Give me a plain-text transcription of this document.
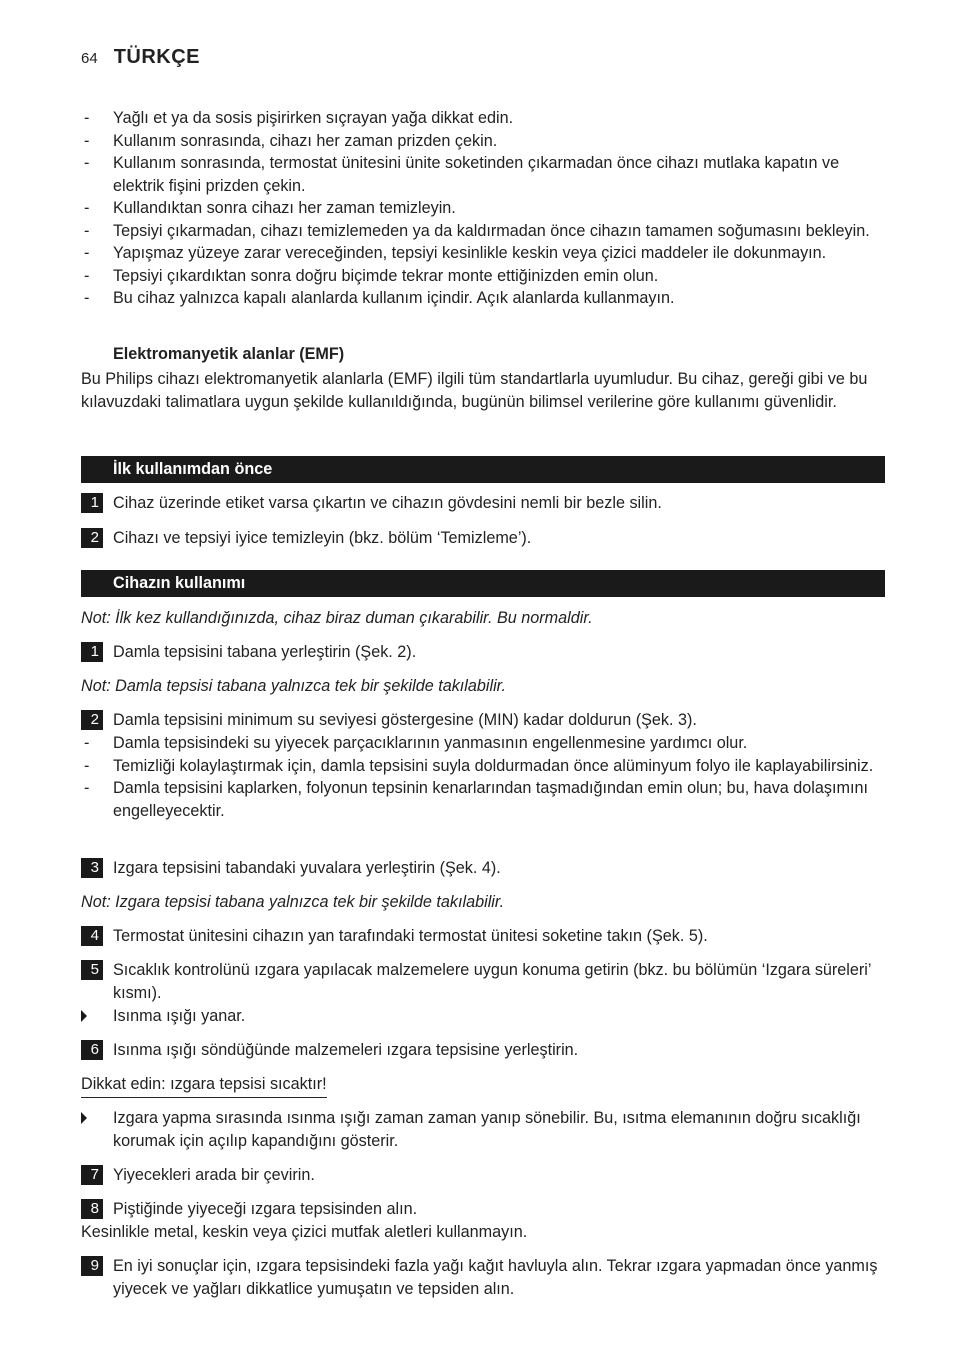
64 TÜRKÇE
- Yağlı et ya da sosis pişirirken sıçrayan yağa dikkat edin.
- Kullanım sonrasında, cihazı her zaman prizden çekin.
- Kullanım sonrasında, termostat ünitesini ünite soketinden çıkarmadan önce cihazı mutlaka kapatın ve elektrik fişini prizden çekin.
- Kullandıktan sonra cihazı her zaman temizleyin.
- Tepsiyi çıkarmadan, cihazı temizlemeden ya da kaldırmadan önce cihazın tamamen soğumasını bekleyin.
- Yapışmaz yüzeye zarar vereceğinden, tepsiyi kesinlikle keskin veya çizici maddeler ile dokunmayın.
- Tepsiyi çıkardıktan sonra doğru biçimde tekrar monte ettiğinizden emin olun.
- Bu cihaz yalnızca kapalı alanlarda kullanım içindir. Açık alanlarda kullanmayın.
Elektromanyetik alanlar (EMF)

Bu Philips cihazı elektromanyetik alanlarla (EMF) ilgili tüm standartlarla uyumludur. Bu cihaz, gereği gibi ve bu kılavuzdaki talimatlara uygun şekilde kullanıldığında, bugünün bilimsel verilerine göre kullanımı güvenlidir.

İlk kullanımdan önce
1 Cihaz üzerinde etiket varsa çıkartın ve cihazın gövdesini nemli bir bezle silin.
2 Cihazı ve tepsiyi iyice temizleyin (bkz. bölüm ‘Temizleme’).
Cihazın kullanımı
Not: İlk kez kullandığınızda, cihaz biraz duman çıkarabilir. Bu normaldir.
1 Damla tepsisini tabana yerleştirin (Şek. 2).
Not: Damla tepsisi tabana yalnızca tek bir şekilde takılabilir.
2 Damla tepsisini minimum su seviyesi göstergesine (MIN) kadar doldurun (Şek. 3).
- Damla tepsisindeki su yiyecek parçacıklarının yanmasının engellenmesine yardımcı olur.
- Temizliği kolaylaştırmak için, damla tepsisini suyla doldurmadan önce alüminyum folyo ile kaplayabilirsiniz.
- Damla tepsisini kaplarken, folyonun tepsinin kenarlarından taşmadığından emin olun; bu, hava dolaşımını engelleyecektir.
3 Izgara tepsisini tabandaki yuvalara yerleştirin (Şek. 4).
Not: Izgara tepsisi tabana yalnızca tek bir şekilde takılabilir.
4 Termostat ünitesini cihazın yan tarafındaki termostat ünitesi soketine takın (Şek. 5).
5 Sıcaklık kontrolünü ızgara yapılacak malzemelere uygun konuma getirin (bkz. bu bölümün ‘Izgara süreleri’ kısmı).
Isınma ışığı yanar.
6 Isınma ışığı söndüğünde malzemeleri ızgara tepsisine yerleştirin.
Dikkat edin: ızgara tepsisi sıcaktır!
Izgara yapma sırasında ısınma ışığı zaman zaman yanıp sönebilir. Bu, ısıtma elemanının doğru sıcaklığı korumak için açılıp kapandığını gösterir.
7 Yiyecekleri arada bir çevirin.
8 Piştiğinde yiyeceği ızgara tepsisinden alın.
Kesinlikle metal, keskin veya çizici mutfak aletleri kullanmayın.
9 En iyi sonuçlar için, ızgara tepsisindeki fazla yağı kağıt havluyla alın. Tekrar ızgara yapmadan önce yanmış yiyecek ve yağları dikkatlice yumuşatın ve tepsiden alın.
